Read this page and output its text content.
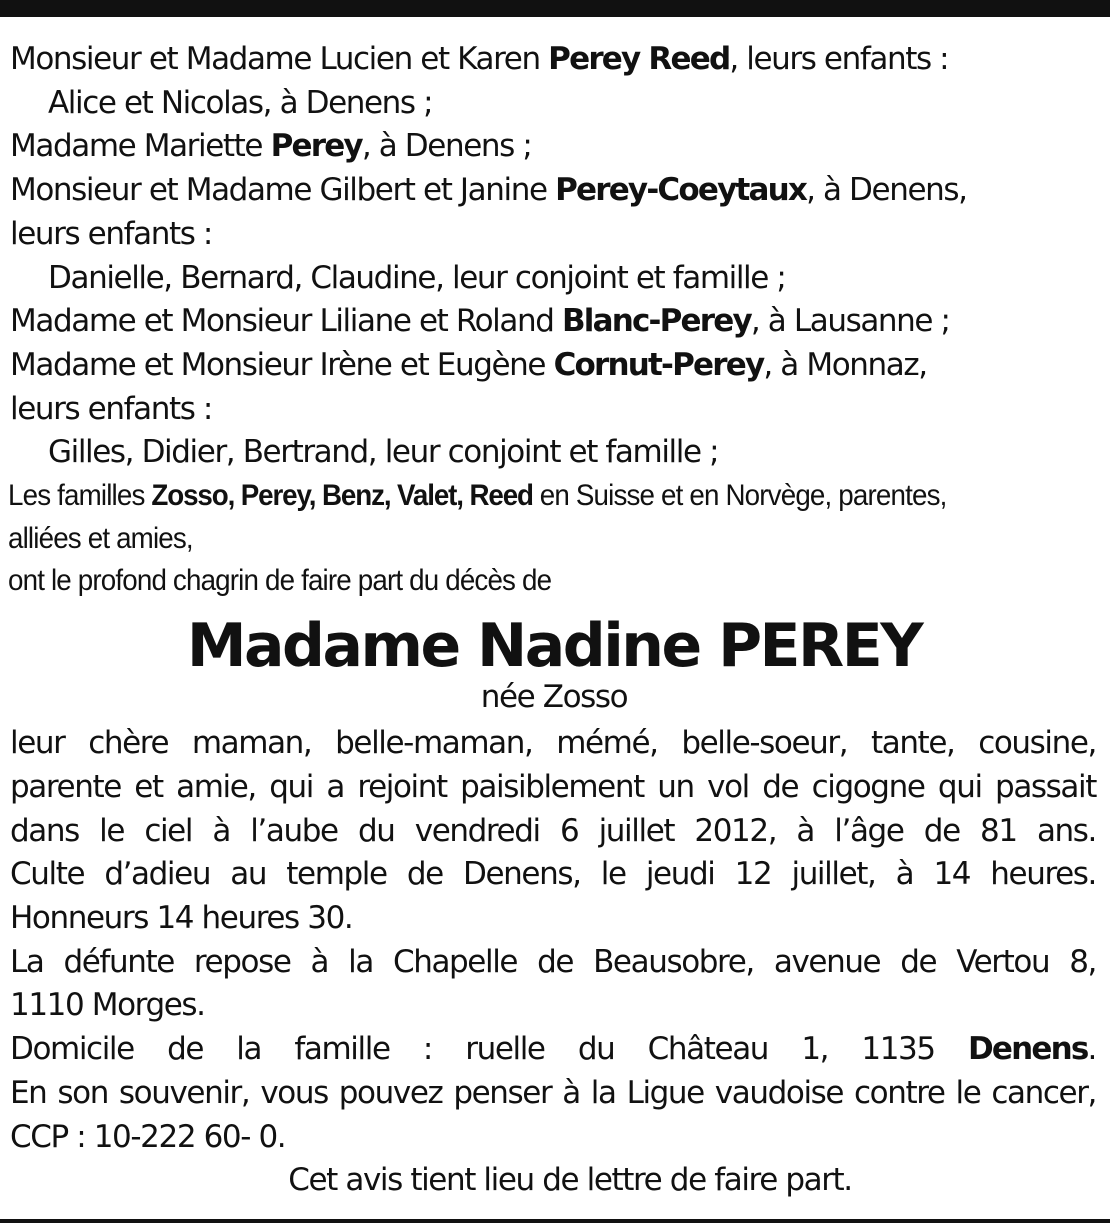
Monsieur et Madame Lucien et Karen Perey Reed, leurs enfants :
Alice et Nicolas, à Denens ;
Madame Mariette Perey, à Denens ;
Monsieur et Madame Gilbert et Janine Perey-Coeytaux, à Denens,
leurs enfants :
Danielle, Bernard, Claudine, leur conjoint et famille ;
Madame et Monsieur Liliane et Roland Blanc-Perey, à Lausanne ;
Madame et Monsieur Irène et Eugène Cornut-Perey, à Monnaz,
leurs enfants :
Gilles, Didier, Bertrand, leur conjoint et famille ;
Les familles Zosso, Perey, Benz, Valet, Reed en Suisse et en Norvège, parentes,
alliées et amies,
ont le profond chagrin de faire part du décès de
Madame Nadine PEREY
née Zosso
leur chère maman, belle-maman, mémé, belle-soeur, tante, cousine,
parente et amie, qui a rejoint paisiblement un vol de cigogne qui passait
dans le ciel à l’aube du vendredi 6 juillet 2012, à l’âge de 81 ans.
Culte d’adieu au temple de Denens, le jeudi 12 juillet, à 14 heures.
Honneurs 14 heures 30.
La défunte repose à la Chapelle de Beausobre, avenue de Vertou 8,
1110 Morges.
Domicile de la famille : ruelle du Château 1, 1135 Denens.
En son souvenir, vous pouvez penser à la Ligue vaudoise contre le cancer,
CCP : 10-222 60- 0.
Cet avis tient lieu de lettre de faire part.
